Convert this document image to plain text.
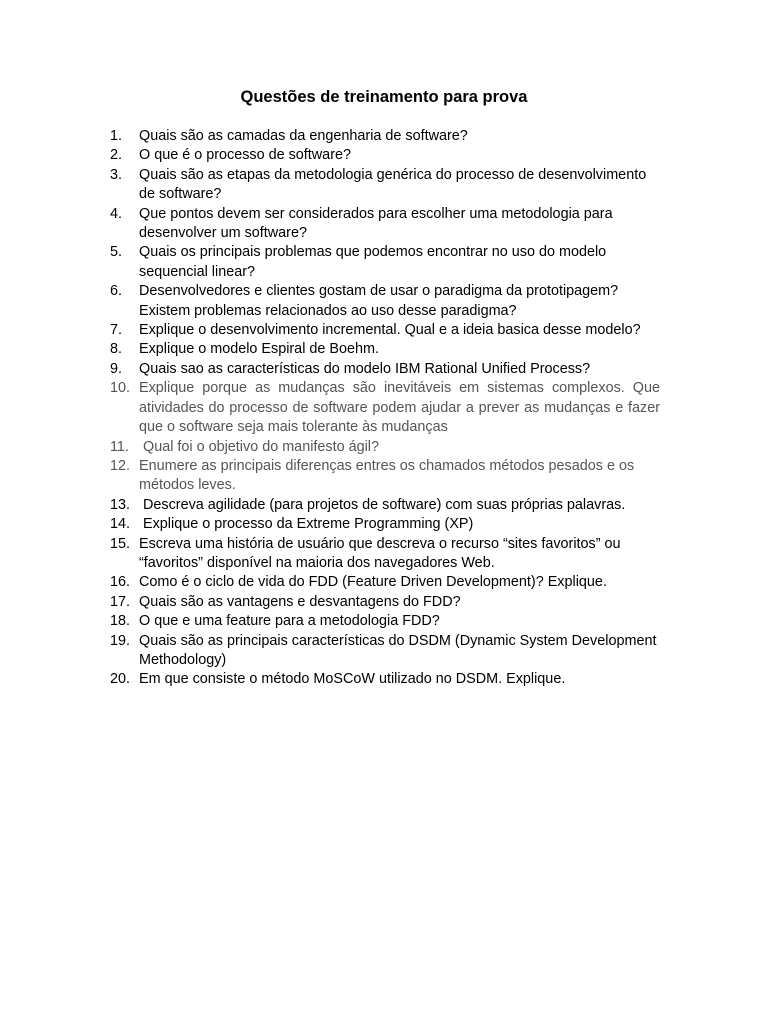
Questões de treinamento para prova
1.	Quais são as camadas da engenharia de software?
2.	O que é o processo de software?
3.	Quais são as etapas da metodologia genérica do processo de desenvolvimento de software?
4.	Que pontos devem ser considerados para escolher uma metodologia para desenvolver um software?
5.	Quais os principais problemas que podemos encontrar no uso do modelo sequencial linear?
6.	Desenvolvedores e clientes gostam de usar o paradigma da prototipagem? Existem problemas relacionados ao uso desse paradigma?
7.	Explique o desenvolvimento incremental. Qual e a ideia basica desse modelo?
8.	Explique o modelo Espiral de Boehm.
9.	Quais sao as características do modelo IBM Rational Unified Process?
10. Explique porque as mudanças são inevitáveis em sistemas complexos. Que atividades do processo de software podem ajudar a prever as mudanças e fazer que o software seja mais tolerante às mudanças
11. Qual foi o objetivo do manifesto ágil?
12. Enumere as principais diferenças entres os chamados métodos pesados e os métodos leves.
13. Descreva agilidade (para projetos de software) com suas próprias palavras.
14. Explique o processo da Extreme Programming (XP)
15. Escreva uma história de usuário que descreva o recurso “sites favoritos” ou “favoritos” disponível na maioria dos navegadores Web.
16. Como é o ciclo de vida do FDD (Feature Driven Development)? Explique.
17. Quais são as vantagens e desvantagens do FDD?
18. O que e uma feature para a metodologia FDD?
19. Quais são as principais características do DSDM (Dynamic System Development Methodology)
20. Em que consiste o método MoSCoW utilizado no DSDM. Explique.
